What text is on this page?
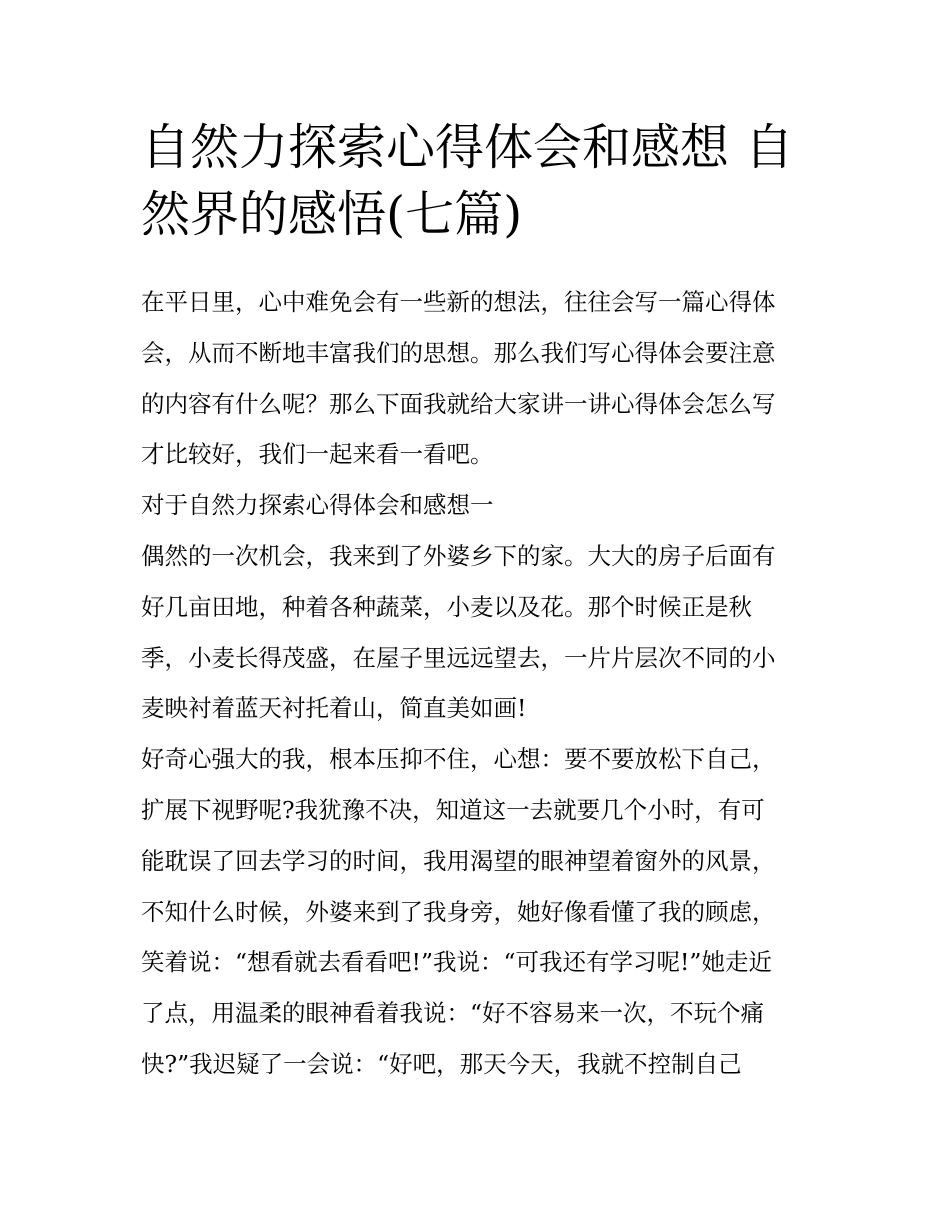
自然力探索心得体会和感想 自
然界的感悟(七篇)
在平日里，心中难免会有一些新的想法，往往会写一篇心得体
会，从而不断地丰富我们的思想。那么我们写心得体会要注意
的内容有什么呢？那么下面我就给大家讲一讲心得体会怎么写
才比较好，我们一起来看一看吧。
对于自然力探索心得体会和感想一
偶然的一次机会，我来到了外婆乡下的家。大大的房子后面有
好几亩田地，种着各种蔬菜，小麦以及花。那个时候正是秋
季，小麦长得茂盛，在屋子里远远望去，一片片层次不同的小
麦映衬着蓝天衬托着山，简直美如画!
好奇心强大的我，根本压抑不住，心想：要不要放松下自己，
扩展下视野呢?我犹豫不决，知道这一去就要几个小时，有可
能耽误了回去学习的时间，我用渴望的眼神望着窗外的风景，
不知什么时候，外婆来到了我身旁，她好像看懂了我的顾虑，
笑着说：“想看就去看看吧!”我说：“可我还有学习呢!”她走近
了点，用温柔的眼神看着我说：“好不容易来一次，不玩个痛
快?”我迟疑了一会说：“好吧，那天今天，我就不控制自己
